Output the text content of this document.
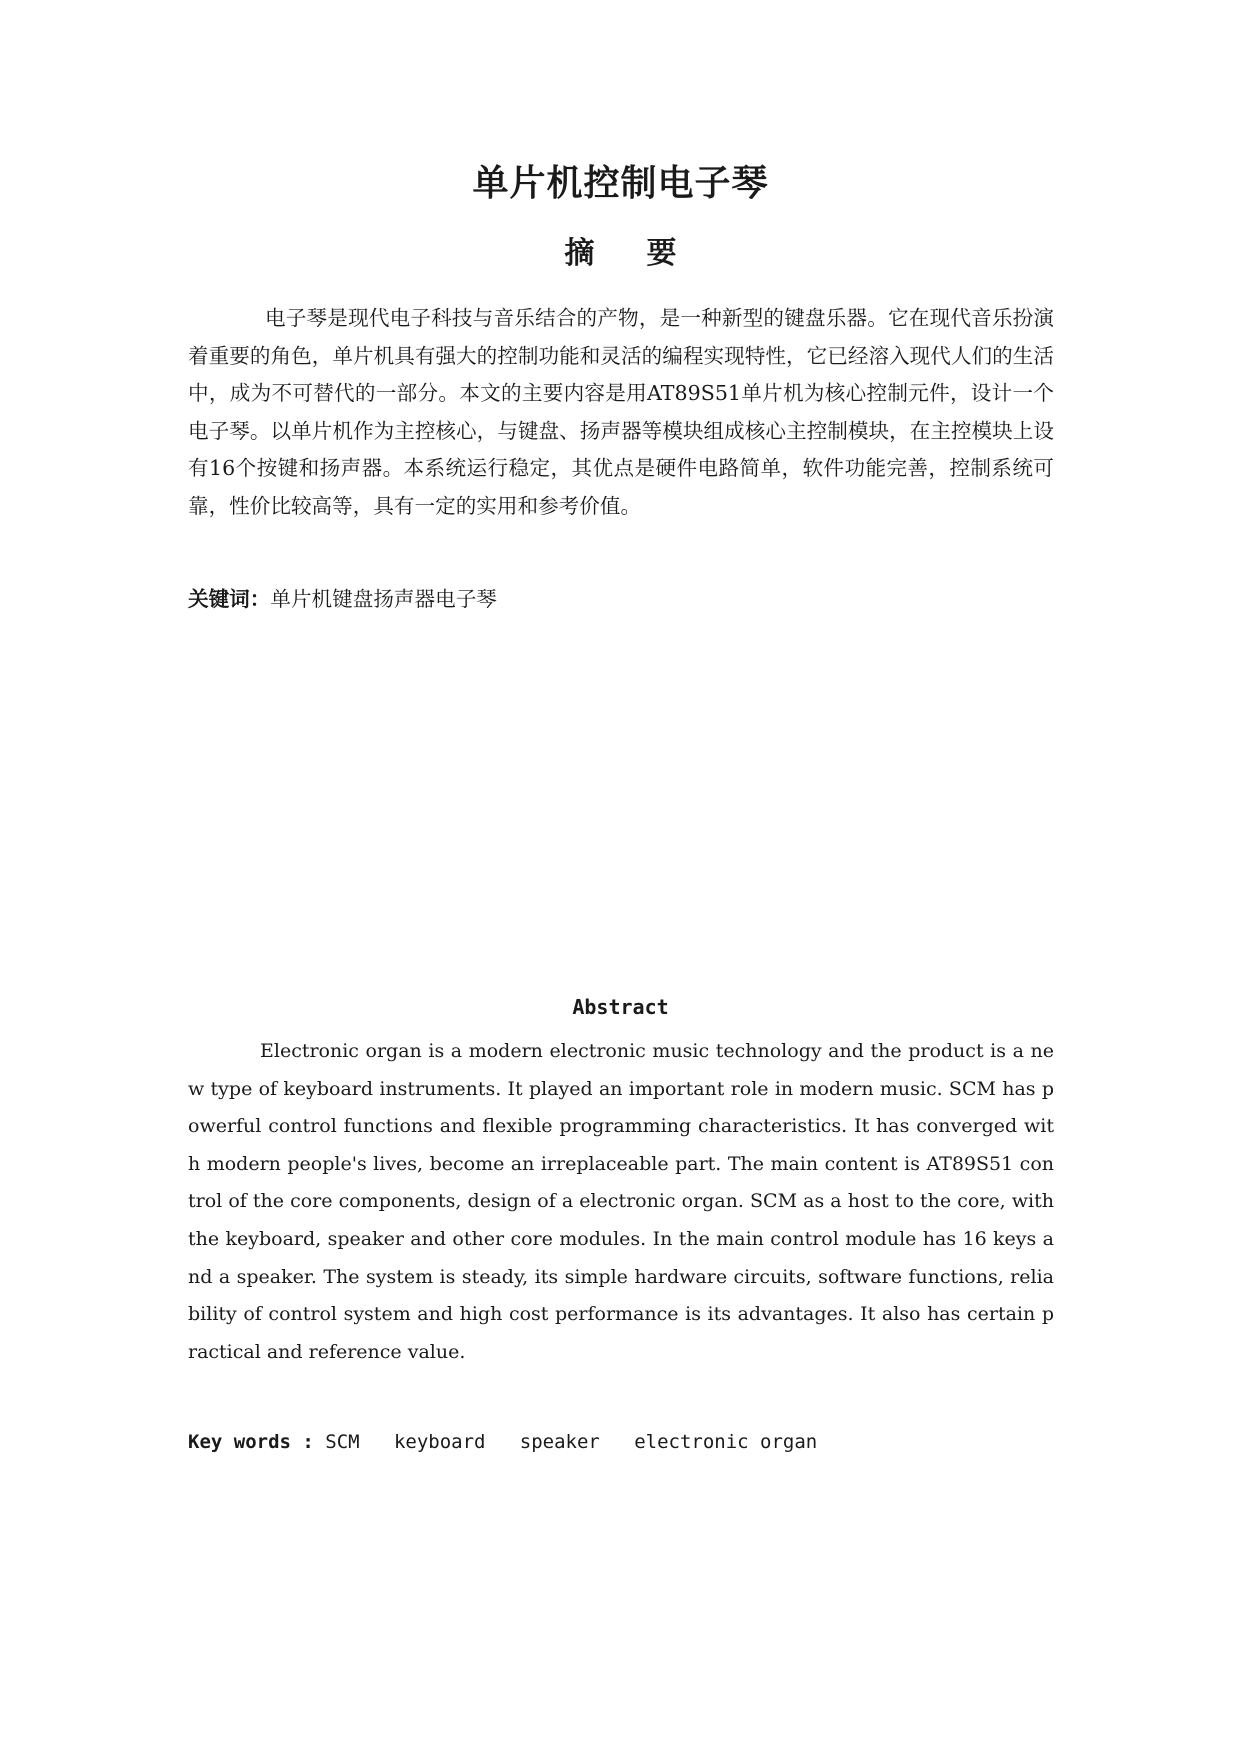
单片机控制电子琴
摘 要

电子琴是现代电子科技与音乐结合的产物，是一种新型的键盘乐器。它在现代音乐扮演着重要的角色，单片机具有强大的控制功能和灵活的编程实现特性，它已经溶入现代人们的生活中，成为不可替代的一部分。本文的主要内容是用AT89S51单片机为核心控制元件，设计一个电子琴。以单片机作为主控核心，与键盘、扬声器等模块组成核心主控制模块，在主控模块上设有16个按键和扬声器。本系统运行稳定，其优点是硬件电路简单，软件功能完善，控制系统可靠，性价比较高等，具有一定的实用和参考价值。

关键词：单片机键盘扬声器电子琴
Abstract

Electronic organ is a modern electronic music technology and the product is a new type of keyboard instruments. It played an important role in modern music. SCM has powerful control functions and flexible programming characteristics. It has converged with modern people's lives, become an irreplaceable part. The main content is AT89S51 control of the core components, design of a electronic organ. SCM as a host to the core, with the keyboard, speaker and other core modules. In the main control module has 16 keys and a speaker. The system is steady, its simple hardware circuits, software functions, reliability of control system and high cost performance is its advantages. It also has certain practical and reference value.

Key words : SCM keyboard speaker electronic organ
